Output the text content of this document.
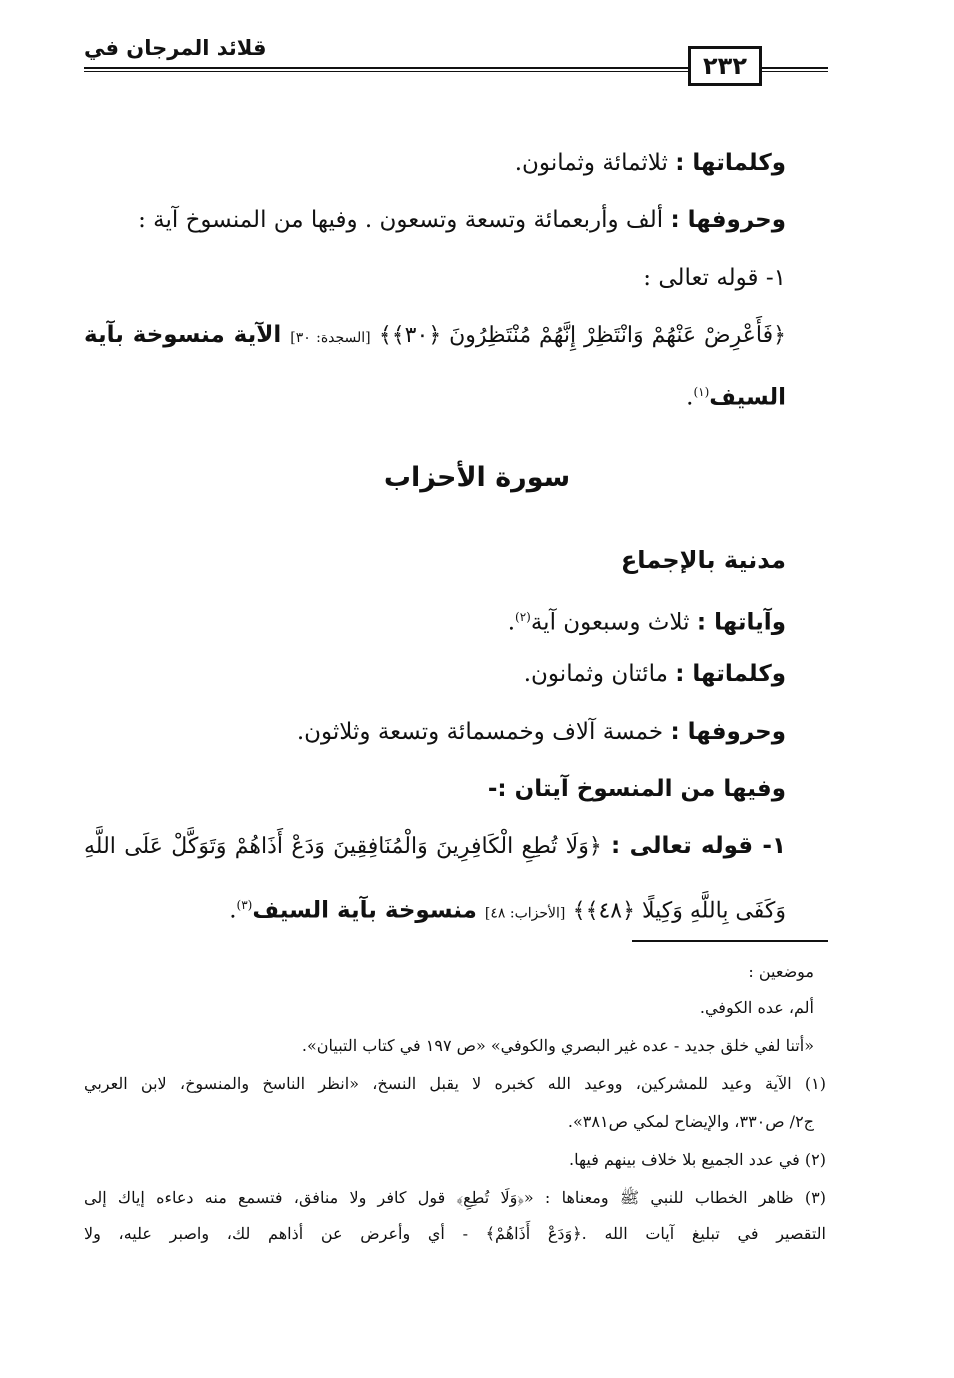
قلائد المرجان في
٢٣٢
وكلماتها : ثلاثمائة وثمانون.
وحروفها : ألف وأربعمائة وتسعة وتسعون . وفيها من المنسوخ آية :
١- قوله تعالى :
﴿فَأَعْرِضْ عَنْهُمْ وَانْتَظِرْ إِنَّهُمْ مُنْتَظِرُونَ ﴿٣٠﴾﴾ [السجدة: ٣٠] الآية منسوخة بآية
السيف$^{(١)}$.
سورة الأحزاب
مدنية بالإجماع
وآياتها : ثلاث وسبعون آية$^{(٢)}$.
وكلماتها : مائتان وثمانون.
وحروفها : خمسة آلاف وخمسمائة وتسعة وثلاثون.
وفيها من المنسوخ آيتان :-
١- قوله تعالى : ﴿وَلَا تُطِعِ الْكَافِرِينَ وَالْمُنَافِقِينَ وَدَعْ أَذَاهُمْ وَتَوَكَّلْ عَلَى اللَّهِ
وَكَفَى بِاللَّهِ وَكِيلًا ﴿٤٨﴾﴾ [الأحزاب: ٤٨] منسوخة بآية السيف$^{(٣)}$.
موضعين :
ألم، عده الكوفي.
«أتنا لفي خلق جديد - عده غير البصري والكوفي» «ص ١٩٧ في كتاب التبيان».
(١) الآية وعيد للمشركين، ووعيد الله كخبره لا يقبل النسخ، «انظر الناسخ والمنسوخ، لابن العربي
ج٢/ ص٣٣٠، والإيضاح لمكي ص٣٨١».
(٢) في عدد الجميع بلا خلاف بينهم فيها.
(٣) ظاهر الخطاب للنبي ﷺ ومعناها : «﴿وَلَا تُطِعِ﴾ قول كافر ولا منافق، فتسمع منه دعاءه إياك إلى
التقصير في تبليغ آيات الله .﴿وَدَعْ أَذَاهُمْ﴾ - أي وأعرض عن أذاهم لك، واصبر عليه، ولا
